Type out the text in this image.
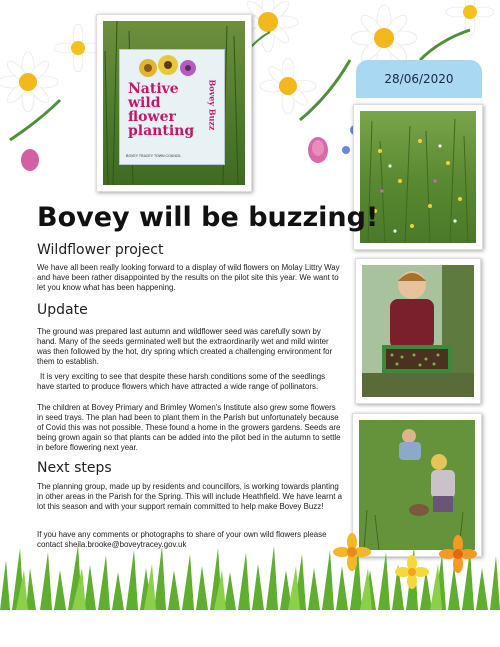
Native
wild
flower
planting
Bovey Buzz
BOVEY TRACEY TOWN COUNCIL
28/06/2020
Bovey will be buzzing!
Wildflower project

We have all been really looking forward to a display of wild flowers on Molay Littry Way and have been rather disappointed by the results on the pilot site this year. We want to let you know what has been happening.

Update

The ground was prepared last autumn and wildflower seed was carefully sown by hand. Many of the seeds germinated well but the extraordinarily wet and mild winter was then followed by the hot, dry spring which created a challenging environment for them to establish.

It is very exciting to see that despite these harsh conditions some of the seedlings have started to produce flowers which have attracted a wide range of pollinators.

The children at Bovey Primary and Brimley Women's Institute also grew some flowers in seed trays. The plan had been to plant them in the Parish but unfortunately because of Covid this was not possible. These found a home in the growers gardens. Seeds are being grown again so that plants can be added into the pilot bed in the autumn to settle in before flowering next year.

Next steps

The planning group, made up by residents and councillors, is working towards planting in other areas in the Parish for the Spring. This will include Heathfield. We have learnt a lot this season and with your support remain committed to help make Bovey Buzz!

If you have any comments or photographs to share of your own wild flowers please contact sheila.brooke@boveytracey.gov.uk
